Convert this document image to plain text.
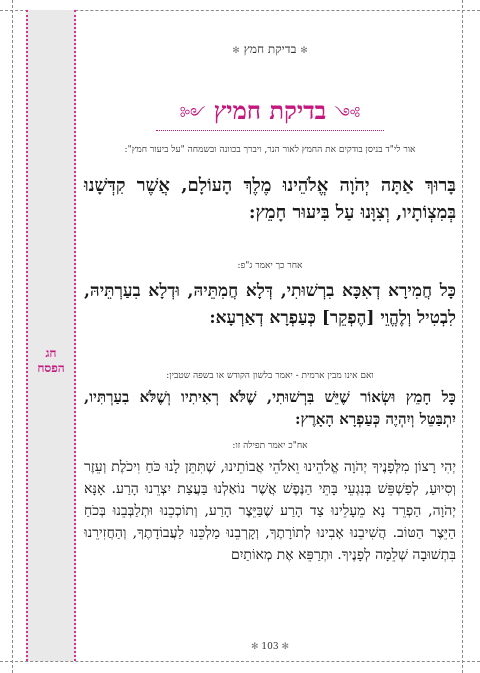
חג
הפסח
✻ בדיקת חמץ ✻
༻ בדיקת חמיץ ༺
אור לי"ד בניסן בודקים את החמץ לאור הנר, ויברך בכוונה ובשמחה "על ביעור חמץ":
בָּרוּךְ אַתָּה יְהֹוָה אֱלֹהֵינוּ מֶלֶךְ הָעוֹלָם, אֲשֶׁר קִדְּשָׁנוּ בְּמִצְוֹתָיו, וְצִוָּנוּ עַל בִּיעוּר חָמֵץ:
אחר כך יאמר ג"פ:
כָּל חֲמִירָא דְאִכָּא בִרְשׁוּתִי, דְּלָא חֲמִתֵּיהּ, וּדְלָא בִעַרְתֵּיהּ, לִבְטִיל וְלֶהֱוֵי [הֶפְקֵר] כְּעַפְרָא דְאַרְעָא:
ואם אינו מבין ארמית - יאמר בלשון הקודש או בשפה שטבין:
כָּל חָמֵץ וּשְׂאוֹר שֶׁיֵּשׁ בִּרְשׁוּתִי, שֶׁלֹּא רְאִיתִיו וְשֶׁלֹּא בִעַרְתִּיו, יִתְבַּטֵּל וְיִהְיֶה כְּעַפְרָא הָאָרֶץ:
אח"כ יאמר תפילה זו:
יְהִי רָצוֹן מִלְּפָנֶיךָ יְהֹוָה אֱלֹהֵינוּ וֵאלֹהֵי אֲבוֹתֵינוּ, שֶׁתִּתֵּן לָנוּ כֹּחַ וִיכֹלֶת וְעֵזֶר וְסִיוּעַ, לְפַשְׁפֵּשׁ בְּנִגְעֵי בָּתֵּי הַנֶּפֶשׁ אֲשֶׁר נוֹאַלְנוּ בַּעֲצַת יִצְרֵנוּ הָרַע. אָנָּא יְהֹוָה, הַפְרֵד נָא מֵעָלֵינוּ צַד הָרַע שֶׁבַּיֵּצֶר הָרַע, וְתוֹכְכֵנוּ וּתְלַבְּבֵנוּ בְּכֹחַ הַיֵּצֶר הַטּוֹב. הֲשִׁיבֵנוּ אָבִינוּ לְתוֹרָתֶךָ, וְקָרְבֵנוּ מַלְכֵּנוּ לַעֲבוֹדָתֶךָ, וְהַחֲזִירֵנוּ בִּתְשׁוּבָה שְׁלֵמָה לְפָנֶיךָ. וּתְרַפֵּא אֶת מְאוֹתַיִם
✻ 103 ✻
